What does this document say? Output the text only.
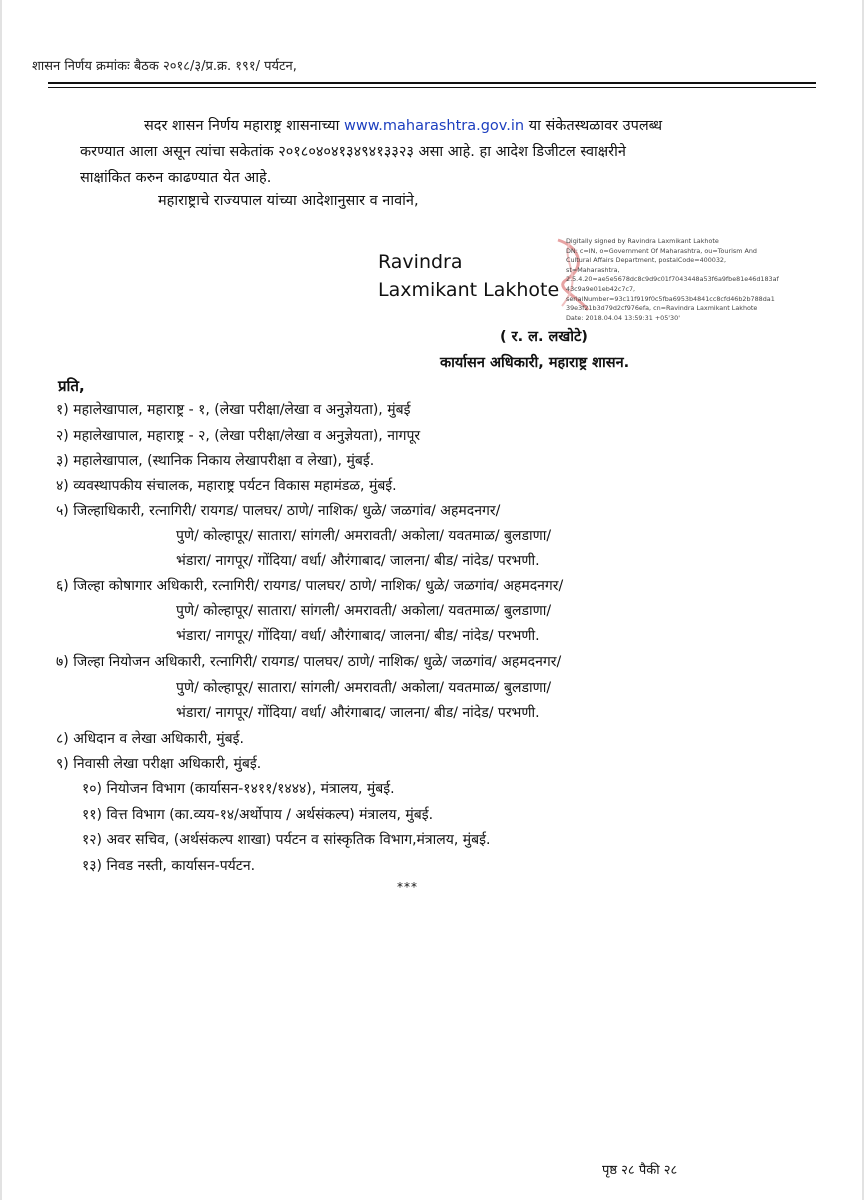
शासन निर्णय क्रमांकः बैठक २०१८/३/प्र.क्र. १९१/ पर्यटन,
सदर शासन निर्णय महाराष्ट्र शासनाच्या www.maharashtra.gov.in या संकेतस्थळावर उपलब्ध
करण्यात आला असून त्यांचा सकेतांक २०१८०४०४१३४९४१३३२३ असा आहे. हा आदेश डिजीटल स्वाक्षरीने
साक्षांकित करुन काढण्यात येत आहे.
महाराष्ट्राचे राज्यपाल यांच्या आदेशानुसार व नावांने,
Ravindra
Laxmikant Lakhote
Digitally signed by Ravindra Laxmikant Lakhote
DN: c=IN, o=Government Of Maharashtra, ou=Tourism And
Cultural Affairs Department, postalCode=400032,
st=Maharashtra,
2.5.4.20=ae5e5678dc8c9d9c01f7043448a53f6a9fbe81e46d183af
43c9a9e01eb42c7c7,
serialNumber=93c11f919f0c5fba6953b4841cc8cfd46b2b788da1
39e3f21b3d79d2cf976efa, cn=Ravindra Laxmikant Lakhote
Date: 2018.04.04 13:59:31 +05'30'
( र. ल. लखोटे)
कार्यासन अधिकारी, महाराष्ट्र शासन.
प्रति,
१) महालेखापाल, महाराष्ट्र - १, (लेखा परीक्षा/लेखा व अनुज्ञेयता), मुंबई
२) महालेखापाल, महाराष्ट्र - २, (लेखा परीक्षा/लेखा व अनुज्ञेयता), नागपूर
३) महालेखापाल, (स्थानिक निकाय लेखापरीक्षा व लेखा), मुंबई.
४) व्यवस्थापकीय संचालक, महाराष्ट्र पर्यटन विकास महामंडळ, मुंबई.
५) जिल्हाधिकारी, रत्नागिरी/ रायगड/ पालघर/ ठाणे/ नाशिक/ धुळे/ जळगांव/ अहमदनगर/
पुणे/ कोल्हापूर/ सातारा/ सांगली/ अमरावती/ अकोला/ यवतमाळ/ बुलडाणा/
भंडारा/ नागपूर/ गोंदिया/ वर्धा/ औरंगाबाद/ जालना/ बीड/ नांदेड/ परभणी.
६) जिल्हा कोषागार अधिकारी, रत्नागिरी/ रायगड/ पालघर/ ठाणे/ नाशिक/ धुळे/ जळगांव/ अहमदनगर/
पुणे/ कोल्हापूर/ सातारा/ सांगली/ अमरावती/ अकोला/ यवतमाळ/ बुलडाणा/
भंडारा/ नागपूर/ गोंदिया/ वर्धा/ औरंगाबाद/ जालना/ बीड/ नांदेड/ परभणी.
७) जिल्हा नियोजन अधिकारी, रत्नागिरी/ रायगड/ पालघर/ ठाणे/ नाशिक/ धुळे/ जळगांव/ अहमदनगर/
पुणे/ कोल्हापूर/ सातारा/ सांगली/ अमरावती/ अकोला/ यवतमाळ/ बुलडाणा/
भंडारा/ नागपूर/ गोंदिया/ वर्धा/ औरंगाबाद/ जालना/ बीड/ नांदेड/ परभणी.
८) अधिदान व लेखा अधिकारी, मुंबई.
९) निवासी लेखा परीक्षा अधिकारी, मुंबई.
१०) नियोजन विभाग (कार्यासन-१४११/१४४४), मंत्रालय, मुंबई.
११) वित्त विभाग (का.व्यय-१४/अर्थोपाय / अर्थसंकल्प) मंत्रालय, मुंबई.
१२) अवर सचिव, (अर्थसंकल्प शाखा) पर्यटन व सांस्कृतिक विभाग,मंत्रालय, मुंबई.
१३) निवड नस्ती, कार्यासन-पर्यटन.
***
पृष्ठ २८ पैकी २८
